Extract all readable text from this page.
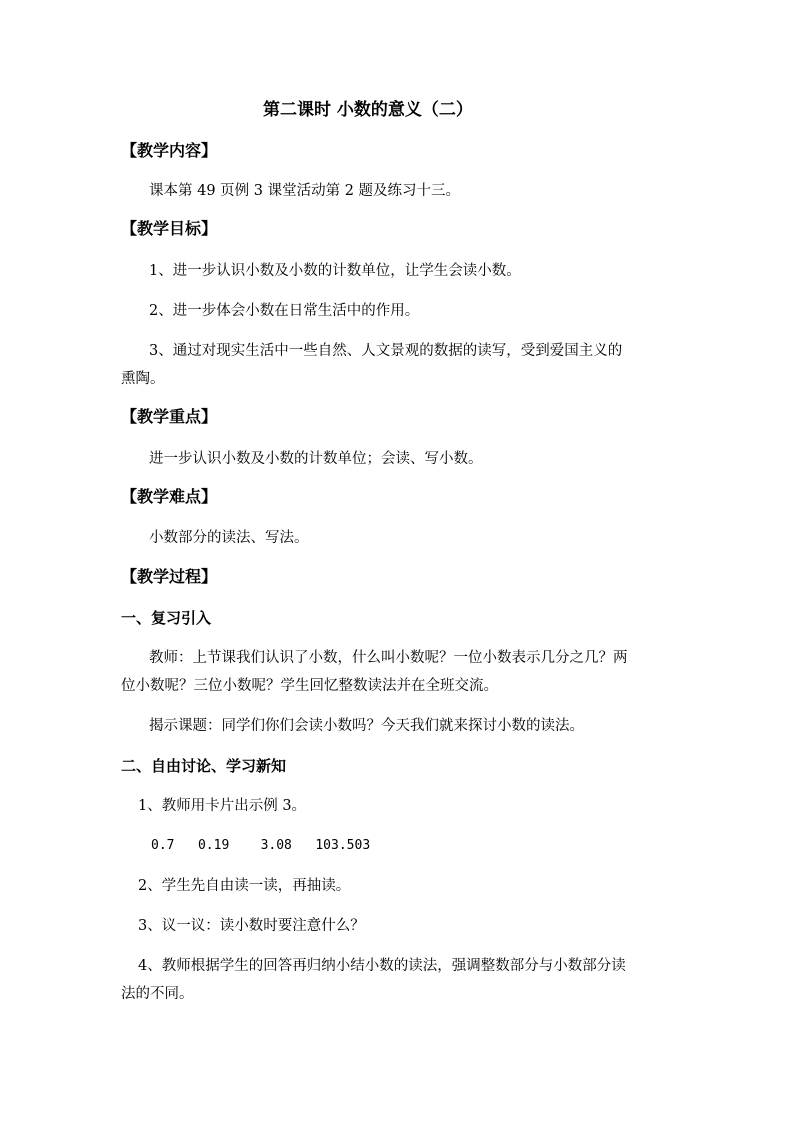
第二课时 小数的意义（二）
【教学内容】
课本第 49 页例 3 课堂活动第 2 题及练习十三。
【教学目标】
1、进一步认识小数及小数的计数单位，让学生会读小数。
2、进一步体会小数在日常生活中的作用。
3、通过对现实生活中一些自然、人文景观的数据的读写，受到爱国主义的
熏陶。
【教学重点】
进一步认识小数及小数的计数单位；会读、写小数。
【教学难点】
小数部分的读法、写法。
【教学过程】
一、复习引入
教师：上节课我们认识了小数，什么叫小数呢？一位小数表示几分之几？两
位小数呢？三位小数呢？学生回忆整数读法并在全班交流。
揭示课题：同学们你们会读小数吗？今天我们就来探讨小数的读法。
二、自由讨论、学习新知
1、教师用卡片出示例 3。
0.7   0.19    3.08   103.503
2、学生先自由读一读，再抽读。
3、议一议：读小数时要注意什么？
4、教师根据学生的回答再归纳小结小数的读法，强调整数部分与小数部分读
法的不同。
